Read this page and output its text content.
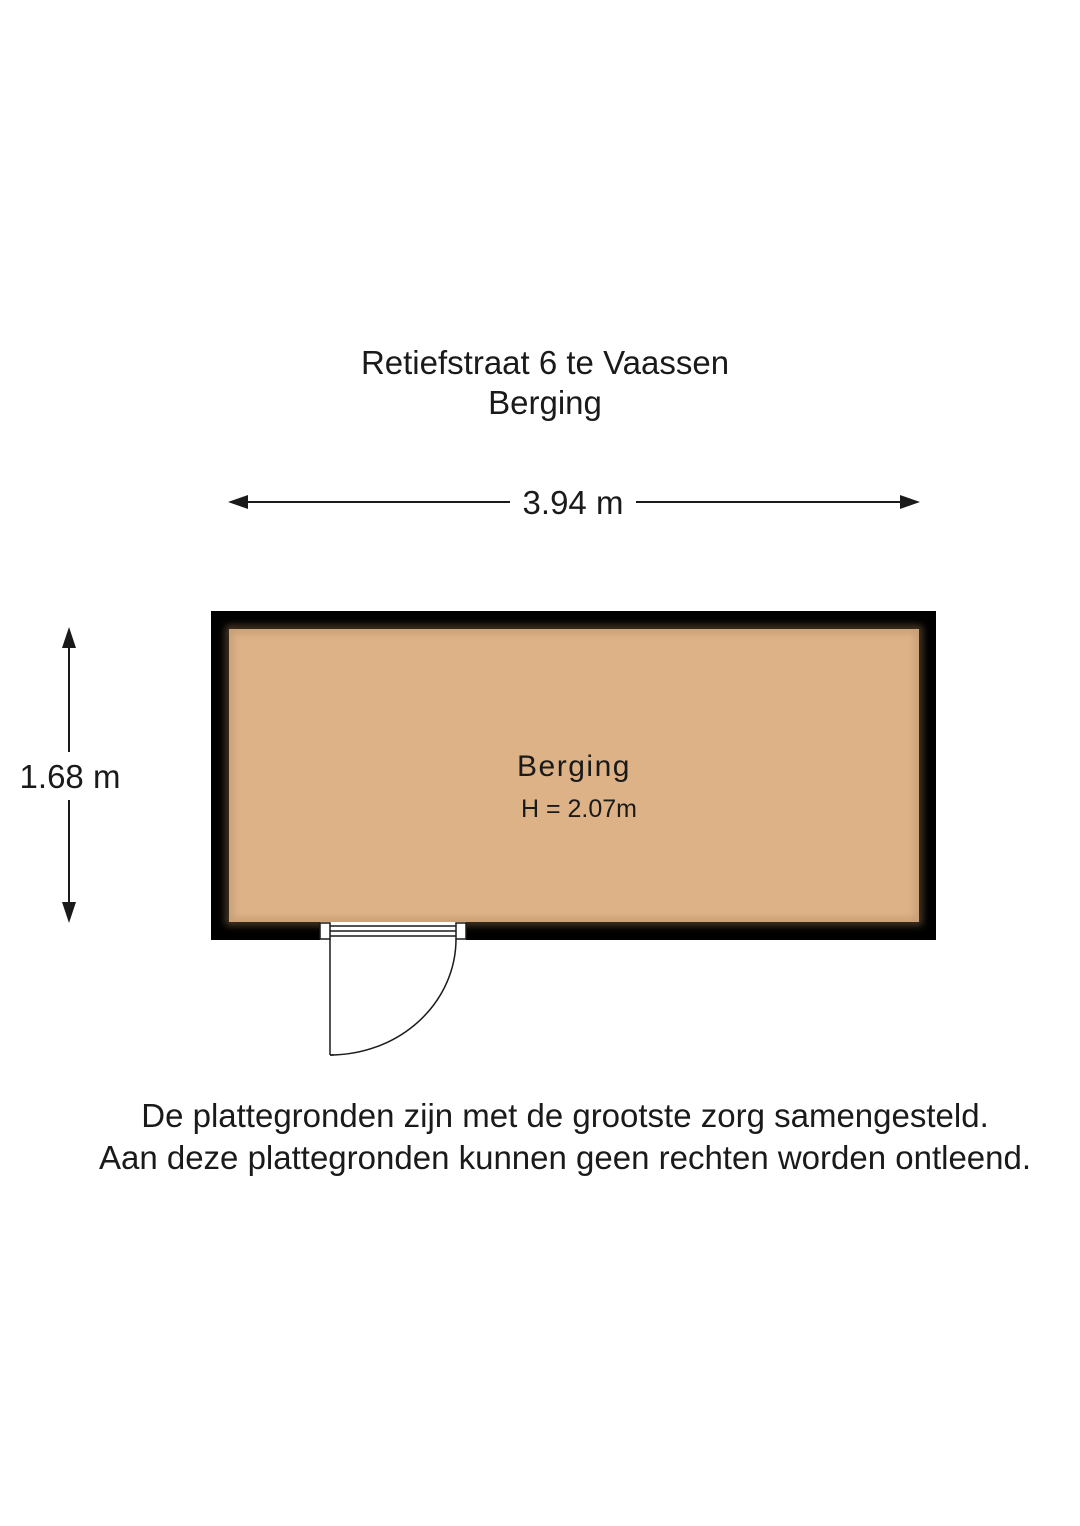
Retiefstraat 6 te Vaassen
Berging
3.94 m
1.68 m	Berging
H = 2.07m
De plattegronden zijn met de grootste zorg samengesteld.
Aan deze plattegronden kunnen geen rechten worden ontleend.
